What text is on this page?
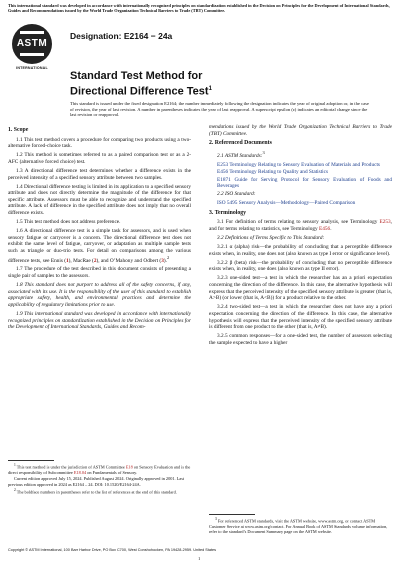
This international standard was developed in accordance with internationally recognized principles on standardization established in the Decision on Principles for the Development of International Standards, Guides and Recommendations issued by the World Trade Organization Technical Barriers to Trade (TBT) Committee.
ASTM
INTERNATIONAL
Designation: E2164 − 24a
Standard Test Method for
Directional Difference Test$^1$
This standard is issued under the fixed designation E2164; the number immediately following the designation indicates the year of original adoption or, in the case of revision, the year of last revision. A number in parentheses indicates the year of last reapproval. A superscript epsilon (ε) indicates an editorial change since the last revision or reapproval.
1. Scope

1.1 This test method covers a procedure for comparing two products using a two-alternative forced-choice task.

1.2 This method is sometimes referred to as a paired comparison test or as a 2-AFC (alternative forced choice) test.

1.3 A directional difference test determines whether a difference exists in the perceived intensity of a specified sensory attribute between two samples.

1.4 Directional difference testing is limited in its application to a specified sensory attribute and does not directly determine the magnitude of the difference for that specific attribute. Assessors must be able to recognize and understand the specified attribute. A lack of difference in the specified attribute does not imply that no overall difference exists.

1.5 This test method does not address preference.

1.6 A directional difference test is a simple task for assessors, and is used when sensory fatigue or carryover is a concern. The directional difference test does not exhibit the same level of fatigue, carryover, or adaptation as multiple sample tests such as triangle or duo-trio tests. For detail on comparisons among the various difference tests, see Ennis (1), MacRae (2), and O’Mahony and Odbert (3).$^2$

1.7 The procedure of the test described in this document consists of presenting a single pair of samples to the assessors.

1.8 This standard does not purport to address all of the safety concerns, if any, associated with its use. It is the responsibility of the user of this standard to establish appropriate safety, health, and environmental practices and determine the applicability of regulatory limitations prior to use.

1.9 This international standard was developed in accordance with internationally recognized principles on standardization established in the Decision on Principles for the Development of International Standards, Guides and Recom-

$^1$ This test method is under the jurisdiction of ASTM Committee E18 on Sensory Evaluation and is the direct responsibility of Subcommittee E18.04 on Fundamentals of Sensory.

Current edition approved July 15, 2024. Published August 2024. Originally approved in 2001. Last previous edition approved in 2024 as E2164 – 24. DOI: 10.1520/E2164-24A.

$^2$ The boldface numbers in parentheses refer to the list of references at the end of this standard.

mendations issued by the World Trade Organization Technical Barriers to Trade (TBT) Committee.

2. Referenced Documents

2.1 ASTM Standards:$^3$

E253 Terminology Relating to Sensory Evaluation of Materials and Products
E456 Terminology Relating to Quality and Statistics
E1871 Guide for Serving Protocol for Sensory Evaluation of Foods and Beverages

2.2 ISO Standard:

ISO 5495 Sensory Analysis—Methodology—Paired Comparison
3. Terminology

3.1 For definition of terms relating to sensory analysis, see Terminology E253, and for terms relating to statistics, see Terminology E456.

3.2 Definitions of Terms Specific to This Standard:

3.2.1 α (alpha) risk—the probability of concluding that a perceptible difference exists when, in reality, one does not (also known as type I error or significance level).

3.2.2 β (beta) risk—the probability of concluding that no perceptible difference exists when, in reality, one does (also known as type II error).

3.2.3 one-sided test—a test in which the researcher has an a priori expectation concerning the direction of the difference. In this case, the alternative hypothesis will express that the perceived intensity of the specified sensory attribute is greater (that is, A>B) (or lower (that is, A<B)) for a product relative to the other.

3.2.4 two-sided test—a test in which the researcher does not have any a priori expectation concerning the direction of the difference. In this case, the alternative hypothesis will express that the perceived intensity of the specified sensory attribute is different from one product to the other (that is, A≠B).

3.2.5 common responses—for a one-sided test, the number of assessors selecting the sample expected to have a higher

$^3$ For referenced ASTM standards, visit the ASTM website, www.astm.org, or contact ASTM Customer Service at www.astm.org/contact. For Annual Book of ASTM Standards volume information, refer to the standard’s Document Summary page on the ASTM website.

Copyright © ASTM International, 100 Barr Harbor Drive, PO Box C700, West Conshohocken, PA 19428-2959. United States
1
